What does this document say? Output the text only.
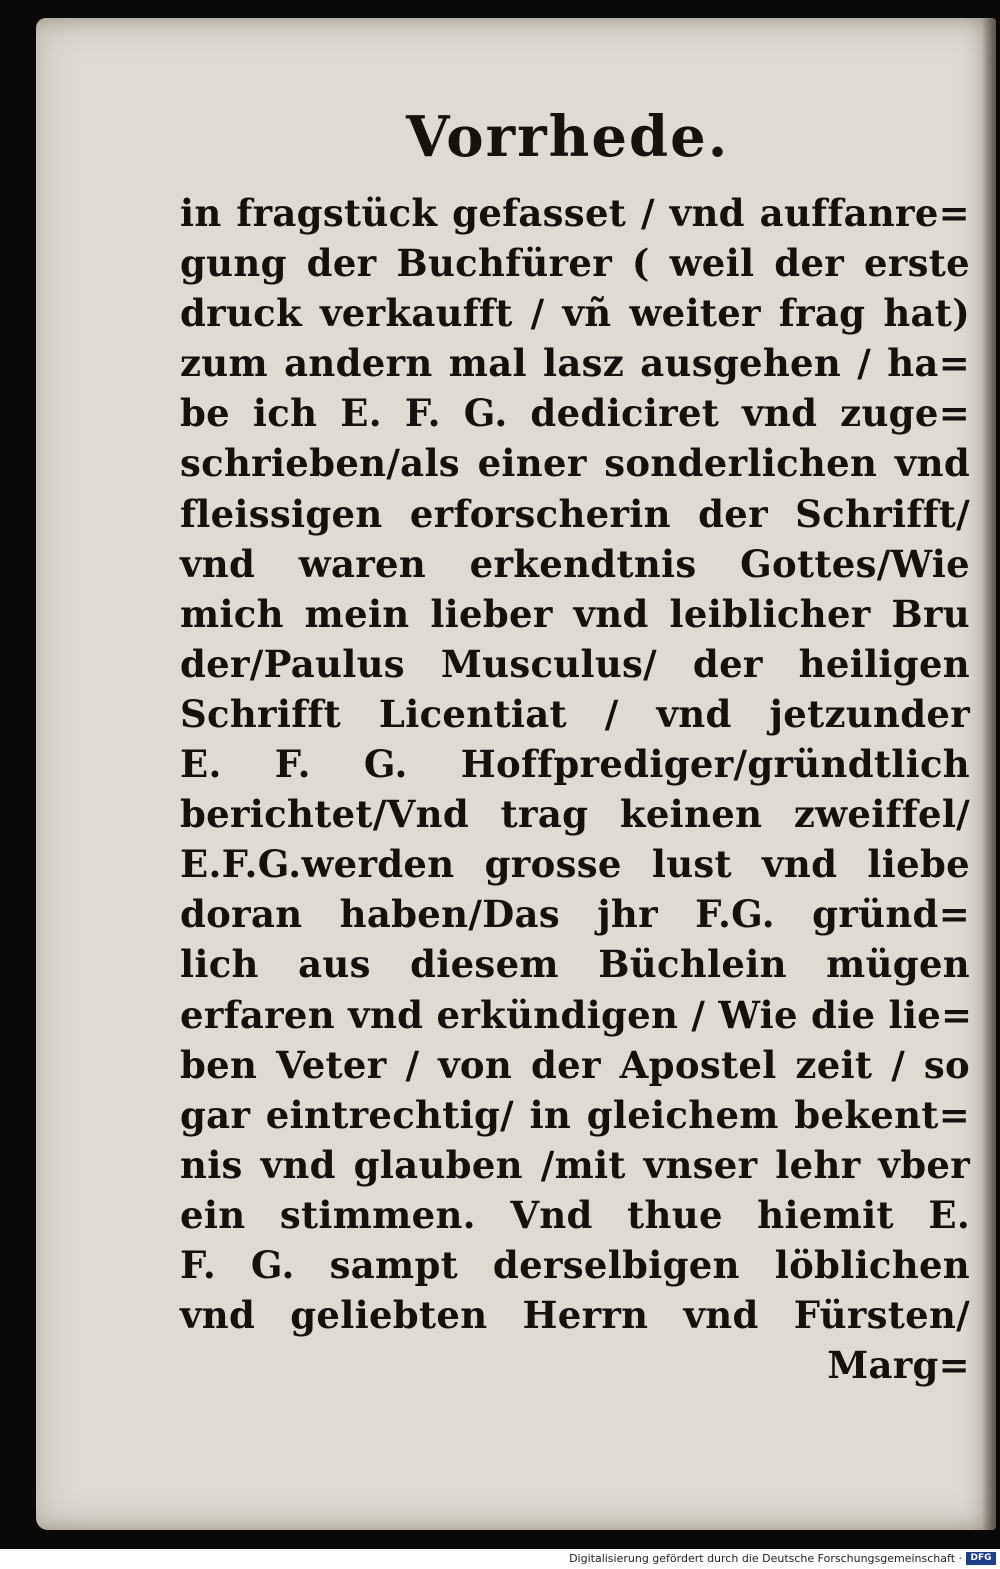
Vorrhede.
in fragstück gefasset / vnd auffanre=
gung der Buchfürer ( weil der erste
druck verkaufft / vñ weiter frag hat)
zum andern mal lasz ausgehen / ha=
be ich E. F. G. dediciret vnd zuge=
schrieben/als einer sonderlichen vnd
fleissigen erforscherin der Schrifft/
vnd waren erkendtnis Gottes/Wie
mich mein lieber vnd leiblicher Bru
der/Paulus Musculus/ der heiligen
Schrifft Licentiat / vnd jetzunder
E. F. G. Hoffprediger/gründtlich
berichtet/Vnd trag keinen zweiffel/
E.F.G.werden grosse lust vnd liebe
doran haben/Das jhr F.G. gründ=
lich aus diesem Büchlein mügen
erfaren vnd erkündigen / Wie die lie=
ben Veter / von der Apostel zeit / so
gar eintrechtig/ in gleichem bekent=
nis vnd glauben /mit vnser lehr vber
ein stimmen. Vnd thue hiemit E.
F. G. sampt derselbigen löblichen
vnd geliebten Herrn vnd Fürsten/
Marg=
Digitalisierung gefördert durch die Deutsche Forschungsgemeinschaft · DFG
